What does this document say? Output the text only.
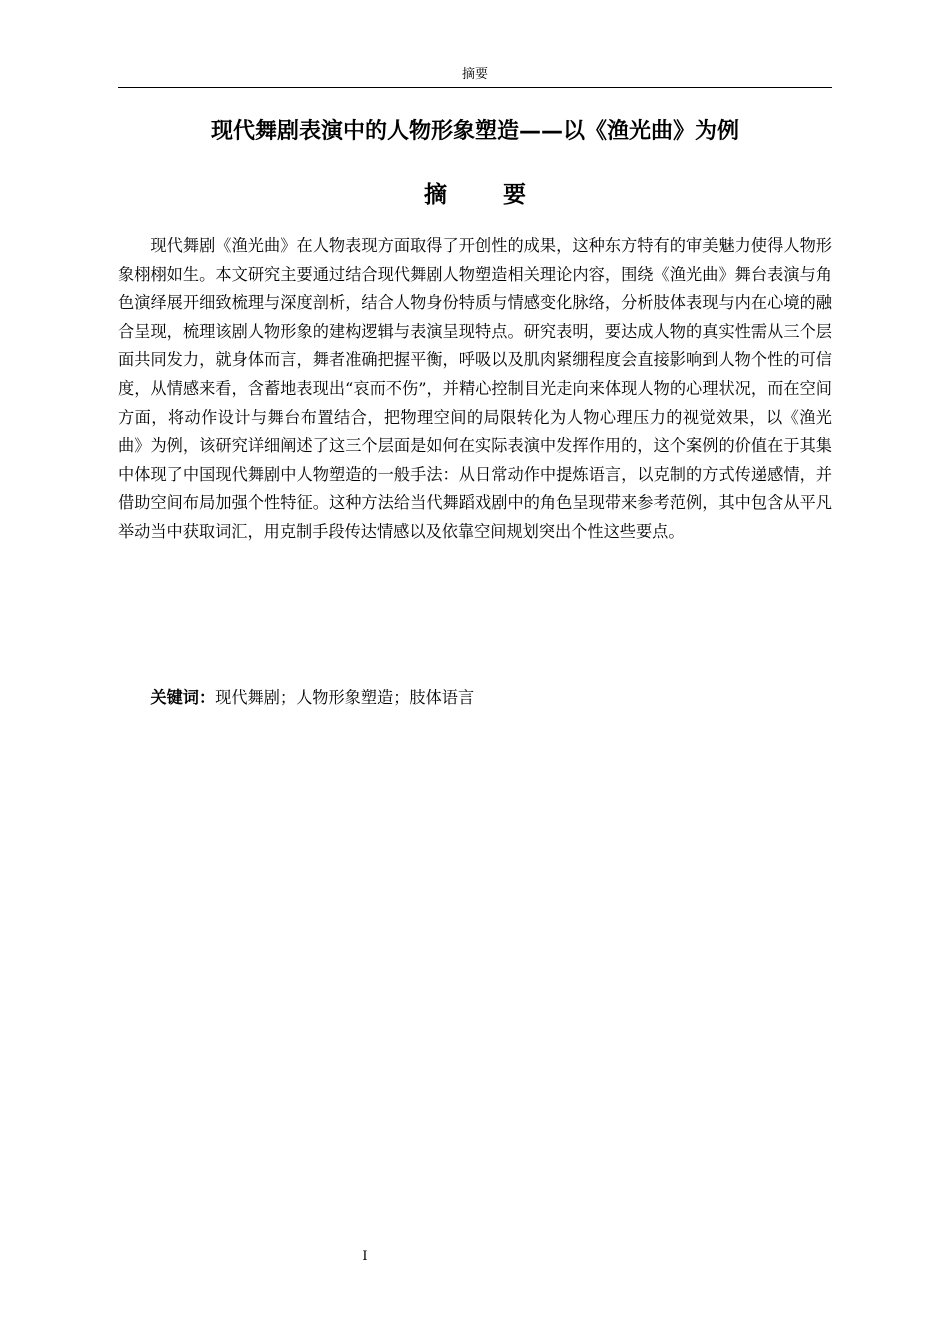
摘要
现代舞剧表演中的人物形象塑造——以《渔光曲》为例
摘要

现代舞剧《渔光曲》在人物表现方面取得了开创性的成果，这种东方特有的审美魅力使得人物形象栩栩如生。本文研究主要通过结合现代舞剧人物塑造相关理论内容，围绕《渔光曲》舞台表演与角色演绎展开细致梳理与深度剖析，结合人物身份特质与情感变化脉络，分析肢体表现与内在心境的融合呈现，梳理该剧人物形象的建构逻辑与表演呈现特点。研究表明，要达成人物的真实性需从三个层面共同发力，就身体而言，舞者准确把握平衡，呼吸以及肌肉紧绷程度会直接影响到人物个性的可信度，从情感来看，含蓄地表现出“哀而不伤”，并精心控制目光走向来体现人物的心理状况，而在空间方面，将动作设计与舞台布置结合，把物理空间的局限转化为人物心理压力的视觉效果，以《渔光曲》为例，该研究详细阐述了这三个层面是如何在实际表演中发挥作用的，这个案例的价值在于其集中体现了中国现代舞剧中人物塑造的一般手法：从日常动作中提炼语言，以克制的方式传递感情，并借助空间布局加强个性特征。这种方法给当代舞蹈戏剧中的角色呈现带来参考范例，其中包含从平凡举动当中获取词汇，用克制手段传达情感以及依靠空间规划突出个性这些要点。

关键词：现代舞剧；人物形象塑造；肢体语言

I
